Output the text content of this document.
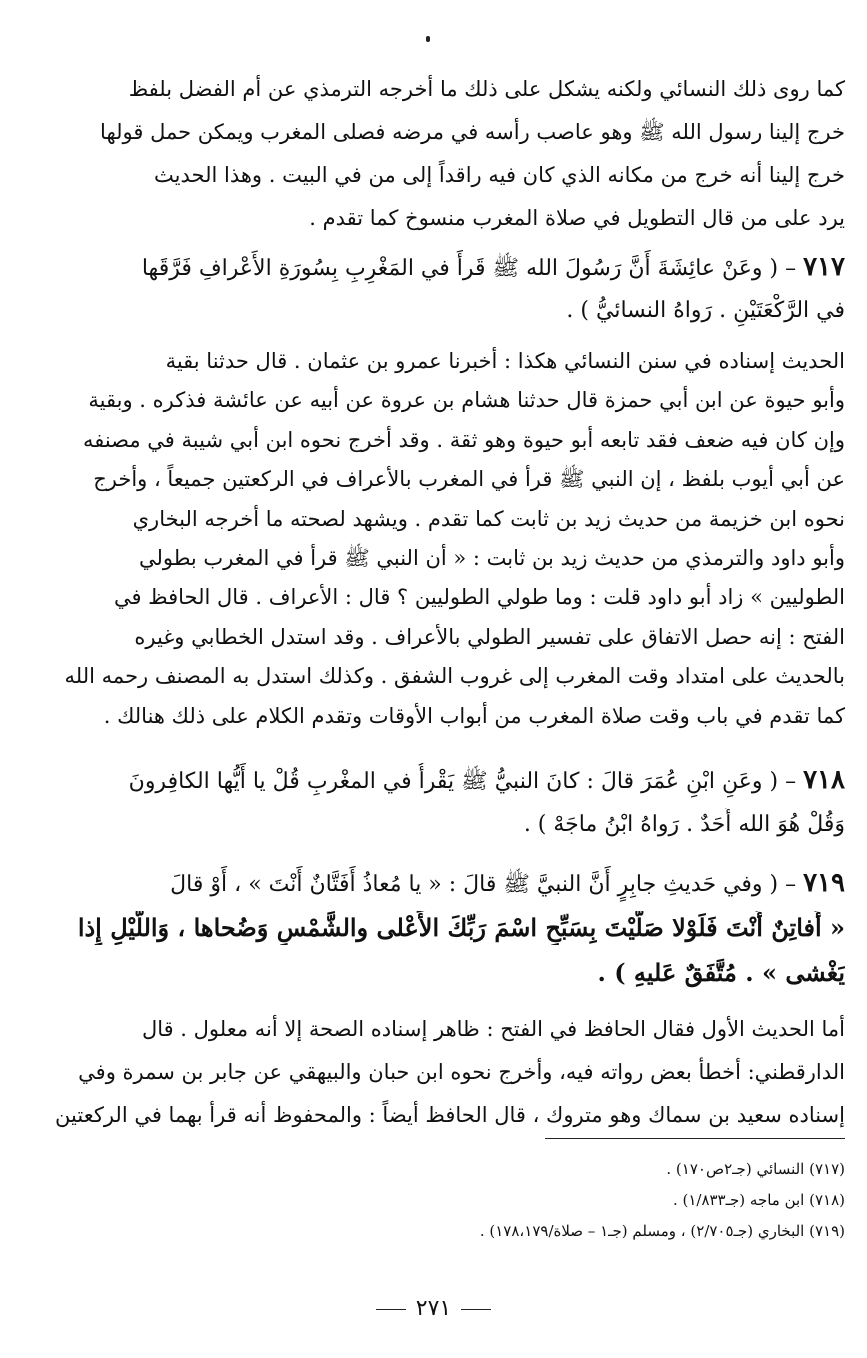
كما روى ذلك النسائي ولكنه يشكل على ذلك ما أخرجه الترمذي عن أم الفضل بلفظ
خرج إلينا رسول الله ﷺ وهو عاصب رأسه في مرضه فصلى المغرب ويمكن حمل قولها
خرج إلينا أنه خرج من مكانه الذي كان فيه راقداً إلى من في البيت . وهذا الحديث
يرد على من قال التطويل في صلاة المغرب منسوخ كما تقدم .
٧١٧ – ( وعَنْ عائِشَةَ أَنَّ رَسُولَ الله ﷺ قَرأَ في المَغْرِبِ بِسُورَةِ الأَعْرافِ فَرَّقَها
في الرَّكْعَتَيْنِ . رَواهُ النسائيُّ ) .
الحديث إسناده في سنن النسائي هكذا : أخبرنا عمرو بن عثمان . قال حدثنا بقية
وأبو حيوة عن ابن أبي حمزة قال حدثنا هشام بن عروة عن أبيه عن عائشة فذكره . وبقية
وإن كان فيه ضعف فقد تابعه أبو حيوة وهو ثقة . وقد أخرج نحوه ابن أبي شيبة في مصنفه
عن أبي أيوب بلفظ ، إن النبي ﷺ قرأ في المغرب بالأعراف في الركعتين جميعاً ، وأخرج
نحوه ابن خزيمة من حديث زيد بن ثابت كما تقدم . ويشهد لصحته ما أخرجه البخاري
وأبو داود والترمذي من حديث زيد بن ثابت : « أن النبي ﷺ قرأ في المغرب بطولي
الطوليين » زاد أبو داود قلت : وما طولي الطوليين ؟ قال : الأعراف . قال الحافظ في
الفتح : إنه حصل الاتفاق على تفسير الطولي بالأعراف . وقد استدل الخطابي وغيره
بالحديث على امتداد وقت المغرب إلى غروب الشفق . وكذلك استدل به المصنف رحمه الله
كما تقدم في باب وقت صلاة المغرب من أبواب الأوقات وتقدم الكلام على ذلك هنالك .
٧١٨ – ( وعَنِ ابْنِ عُمَرَ قالَ : كانَ النبيُّ ﷺ يَقْرأُ في المغْربِ قُلْ يا أَيُّها الكافِرونَ
وَقُلْ هُوَ الله أَحَدٌ . رَواهُ ابْنُ ماجَهْ ) .
٧١٩ – ( وفي حَديثِ جابِرٍ أَنَّ النبيَّ ﷺ قالَ : « يا مُعاذُ أَفَتَّانٌ أَنْتَ » ، أَوْ قالَ
« أَفاتِنٌ أَنْتَ فَلَوْلا صَلَّيْتَ بِسَبِّحِ اسْمَ رَبِّكَ الأَعْلى والشَّمْسِ وَضُحاها ، وَاللَّيْلِ إِذا
يَغْشى » . مُتَّفَقٌ عَليهِ ) .
أما الحديث الأول فقال الحافظ في الفتح : ظاهر إسناده الصحة إلا أنه معلول . قال
الدارقطني: أخطأ بعض رواته فيه، وأخرج نحوه ابن حبان والبيهقي عن جابر بن سمرة وفي
إسناده سعيد بن سماك وهو متروك ، قال الحافظ أيضاً : والمحفوظ أنه قرأ بهما في الركعتين
(٧١٧) النسائي (جـ٢ص١٧٠) .
(٧١٨) ابن ماجه (جـ١/٨٣٣) .
(٧١٩) البخاري (جـ٢/٧٠٥) ، ومسلم (جـ١ – صلاة/١٧٨،١٧٩) .
٢٧١
